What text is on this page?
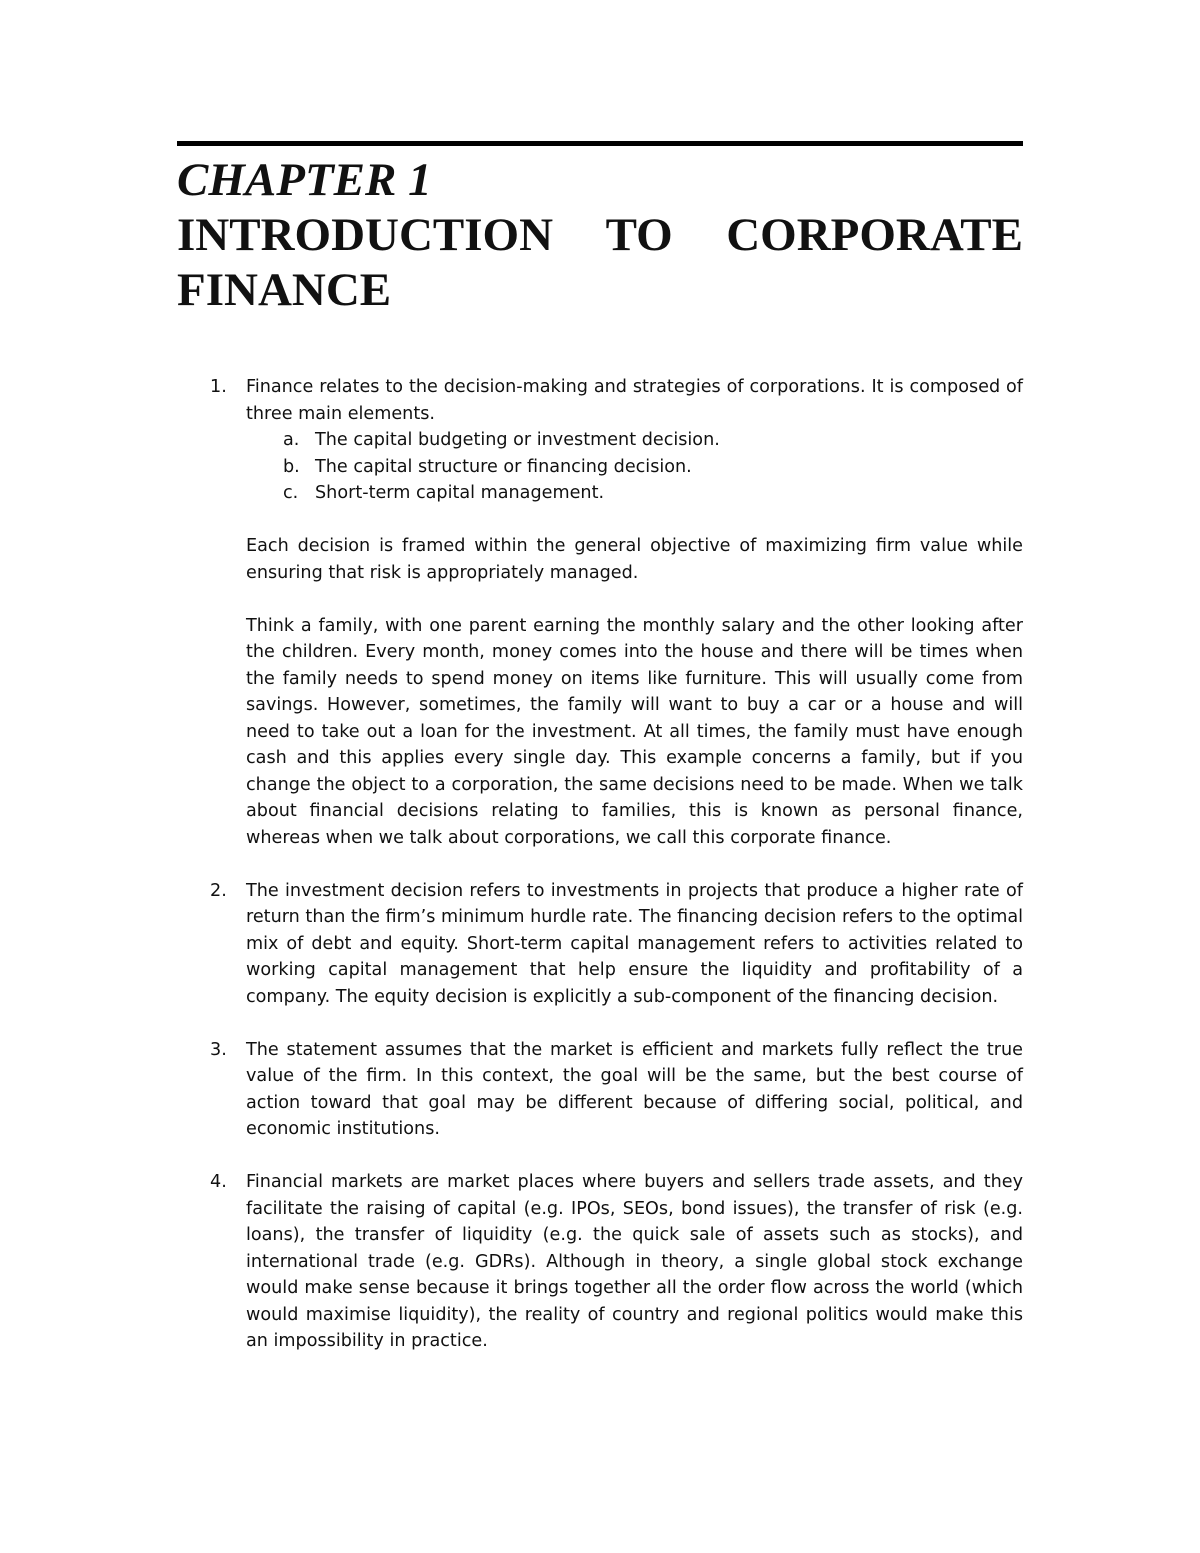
CHAPTER 1
INTRODUCTION TO CORPORATE FINANCE
1. Finance relates to the decision-making and strategies of corporations. It is composed of three main elements.

a. The capital budgeting or investment decision.
b. The capital structure or financing decision.
c. Short-term capital management.

Each decision is framed within the general objective of maximizing firm value while ensuring that risk is appropriately managed.

Think a family, with one parent earning the monthly salary and the other looking after the children. Every month, money comes into the house and there will be times when the family needs to spend money on items like furniture. This will usually come from savings. However, sometimes, the family will want to buy a car or a house and will need to take out a loan for the investment. At all times, the family must have enough cash and this applies every single day. This example concerns a family, but if you change the object to a corporation, the same decisions need to be made. When we talk about financial decisions relating to families, this is known as personal finance, whereas when we talk about corporations, we call this corporate finance.

2. The investment decision refers to investments in projects that produce a higher rate of return than the firm’s minimum hurdle rate. The financing decision refers to the optimal mix of debt and equity. Short-term capital management refers to activities related to working capital management that help ensure the liquidity and profitability of a company. The equity decision is explicitly a sub-component of the financing decision.

3. The statement assumes that the market is efficient and markets fully reflect the true value of the firm. In this context, the goal will be the same, but the best course of action toward that goal may be different because of differing social, political, and economic institutions.

4. Financial markets are market places where buyers and sellers trade assets, and they facilitate the raising of capital (e.g. IPOs, SEOs, bond issues), the transfer of risk (e.g. loans), the transfer of liquidity (e.g. the quick sale of assets such as stocks), and international trade (e.g. GDRs). Although in theory, a single global stock exchange would make sense because it brings together all the order flow across the world (which would maximise liquidity), the reality of country and regional politics would make this an impossibility in practice.
